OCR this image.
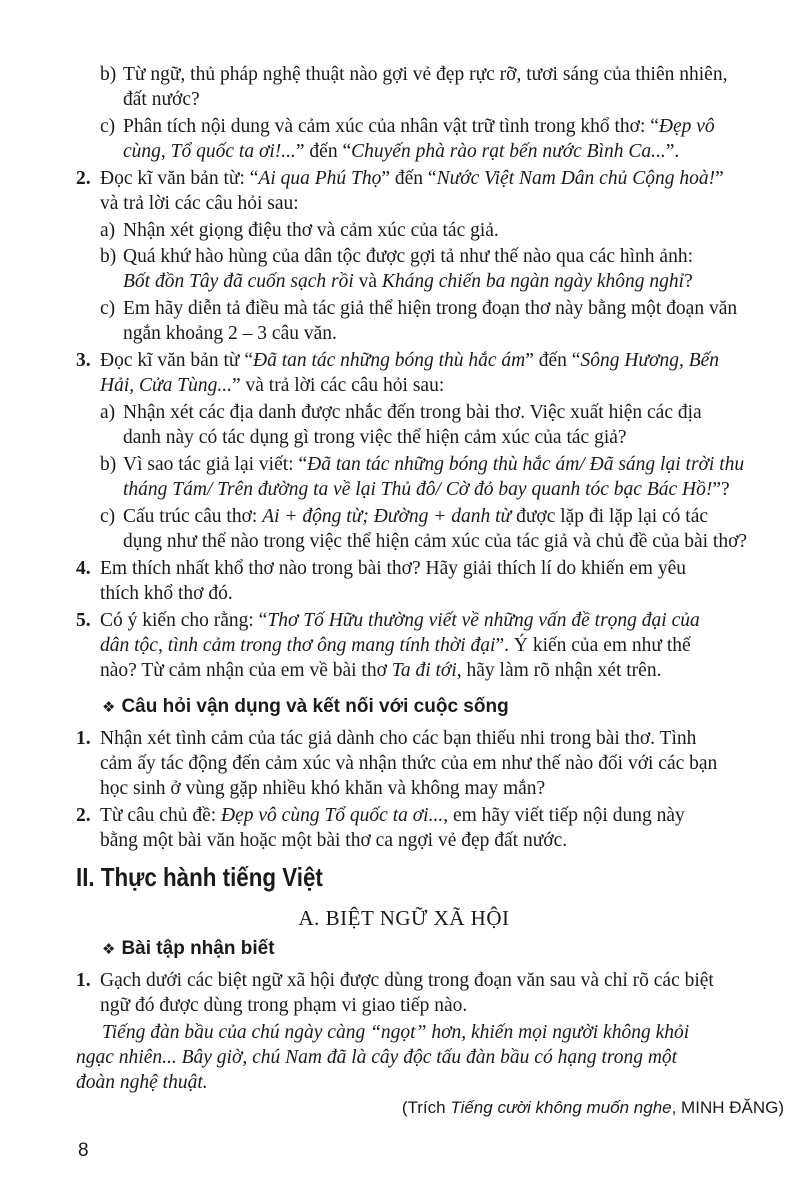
b) Từ ngữ, thủ pháp nghệ thuật nào gợi vẻ đẹp rực rỡ, tươi sáng của thiên nhiên,
đất nước?
c) Phân tích nội dung và cảm xúc của nhân vật trữ tình trong khổ thơ: “Đẹp vô
cùng, Tổ quốc ta ơi!...” đến “Chuyến phà rào rạt bến nước Bình Ca...”.
2. Đọc kĩ văn bản từ: “Ai qua Phú Thọ” đến “Nước Việt Nam Dân chủ Cộng hoà!”
và trả lời các câu hỏi sau:
a) Nhận xét giọng điệu thơ và cảm xúc của tác giả.
b) Quá khứ hào hùng của dân tộc được gợi tả như thế nào qua các hình ảnh:
Bốt đồn Tây đã cuốn sạch rồi và Kháng chiến ba ngàn ngày không nghỉ?
c) Em hãy diễn tả điều mà tác giả thể hiện trong đoạn thơ này bằng một đoạn văn
ngắn khoảng 2 – 3 câu văn.
3. Đọc kĩ văn bản từ “Đã tan tác những bóng thù hắc ám” đến “Sông Hương, Bến
Hải, Cửa Tùng...” và trả lời các câu hỏi sau:
a) Nhận xét các địa danh được nhắc đến trong bài thơ. Việc xuất hiện các địa
danh này có tác dụng gì trong việc thể hiện cảm xúc của tác giả?
b) Vì sao tác giả lại viết: “Đã tan tác những bóng thù hắc ám/ Đã sáng lại trời thu
tháng Tám/ Trên đường ta về lại Thủ đô/ Cờ đỏ bay quanh tóc bạc Bác Hồ!”?
c) Cấu trúc câu thơ: Ai + động từ; Đường + danh từ được lặp đi lặp lại có tác
dụng như thế nào trong việc thể hiện cảm xúc của tác giả và chủ đề của bài thơ?
4. Em thích nhất khổ thơ nào trong bài thơ? Hãy giải thích lí do khiến em yêu
thích khổ thơ đó.
5. Có ý kiến cho rằng: “Thơ Tố Hữu thường viết về những vấn đề trọng đại của
dân tộc, tình cảm trong thơ ông mang tính thời đại”. Ý kiến của em như thế
nào? Từ cảm nhận của em về bài thơ Ta đi tới, hãy làm rõ nhận xét trên.
❖ Câu hỏi vận dụng và kết nối với cuộc sống
1. Nhận xét tình cảm của tác giả dành cho các bạn thiếu nhi trong bài thơ. Tình
cảm ấy tác động đến cảm xúc và nhận thức của em như thế nào đối với các bạn
học sinh ở vùng gặp nhiều khó khăn và không may mắn?
2. Từ câu chủ đề: Đẹp vô cùng Tổ quốc ta ơi..., em hãy viết tiếp nội dung này
bằng một bài văn hoặc một bài thơ ca ngợi vẻ đẹp đất nước.
II. Thực hành tiếng Việt
A. BIỆT NGỮ XÃ HỘI
❖ Bài tập nhận biết
1. Gạch dưới các biệt ngữ xã hội được dùng trong đoạn văn sau và chỉ rõ các biệt
ngữ đó được dùng trong phạm vi giao tiếp nào.
Tiếng đàn bầu của chú ngày càng “ngọt” hơn, khiến mọi người không khỏi
ngạc nhiên... Bây giờ, chú Nam đã là cây độc tấu đàn bầu có hạng trong một
đoàn nghệ thuật.
(Trích Tiếng cười không muốn nghe, MINH ĐĂNG)
8
